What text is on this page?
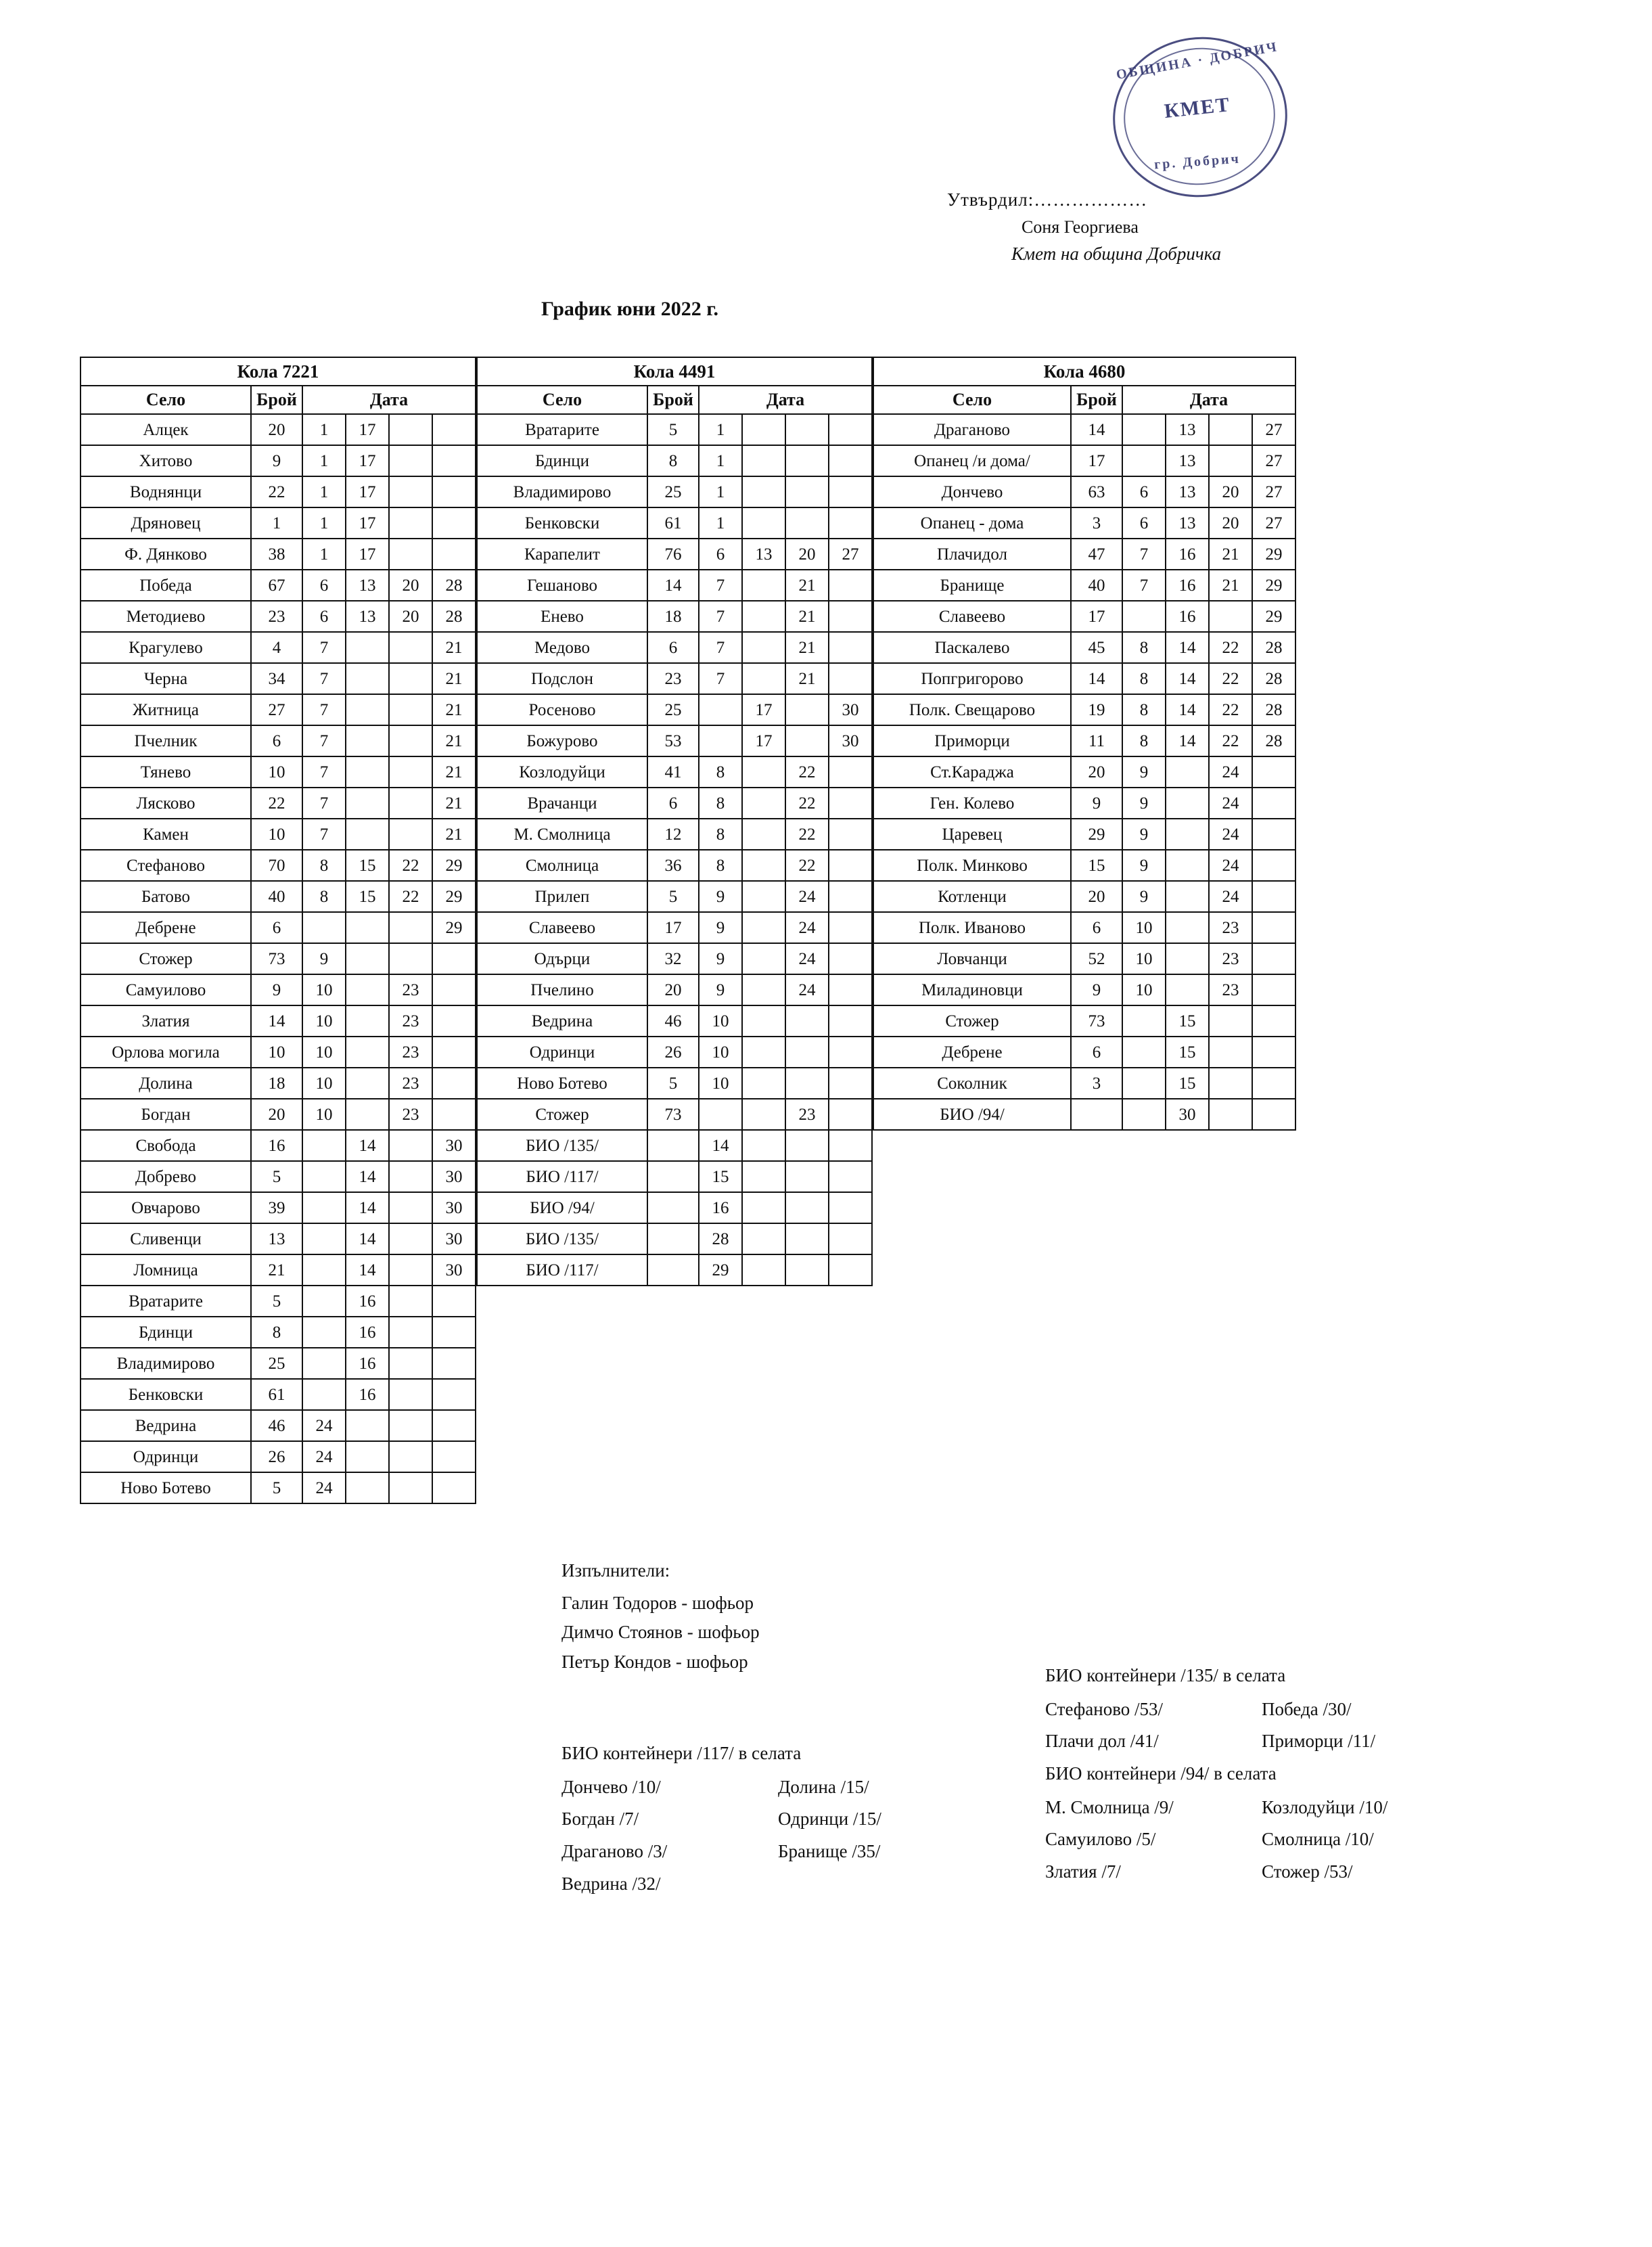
ОБЩИНА · ДОБРИЧ
КМЕТ
гр. Добрич
Утвърдил:………………
Соня Георгиева
Кмет на община Добричка
График юни 2022 г.
Кола 7221					
Село	Брой	Дата			
Алцек	20	1	17		
Хитово	9	1	17		
Воднянци	22	1	17		
Дряновец	1	1	17		
Ф. Дянково	38	1	17		
Победа	67	6	13	20	28
Методиево	23	6	13	20	28
Крагулево	4	7			21
Черна	34	7			21
Житница	27	7			21
Пчелник	6	7			21
Тянево	10	7			21
Лясково	22	7			21
Камен	10	7			21
Стефаново	70	8	15	22	29
Батово	40	8	15	22	29
Дебрене	6				29
Стожер	73	9			
Самуилово	9	10		23	
Златия	14	10		23	
Орлова могила	10	10		23	
Долина	18	10		23	
Богдан	20	10		23	
Свобода	16		14		30
Добрево	5		14		30
Овчарово	39		14		30
Сливенци	13		14		30
Ломница	21		14		30
Вратарите	5		16		
Бдинци	8		16		
Владимирово	25		16		
Бенковски	61		16		
Ведрина	46	24			
Одринци	26	24			
Ново Ботево	5	24			
Кола 4491					
Село	Брой	Дата			
Вратарите	5	1			
Бдинци	8	1			
Владимирово	25	1			
Бенковски	61	1			
Карапелит	76	6	13	20	27
Гешаново	14	7		21	
Енево	18	7		21	
Медово	6	7		21	
Подслон	23	7		21	
Росеново	25		17		30
Божурово	53		17		30
Козлодуйци	41	8		22	
Врачанци	6	8		22	
М. Смолница	12	8		22	
Смолница	36	8		22	
Прилеп	5	9		24	
Славеево	17	9		24	
Одърци	32	9		24	
Пчелино	20	9		24	
Ведрина	46	10			
Одринци	26	10			
Ново Ботево	5	10			
Стожер	73			23	
БИО /135/		14			
БИО /117/		15			
БИО /94/		16			
БИО /135/		28			
БИО /117/		29			
Кола 4680					
Село	Брой	Дата			
Драганово	14		13		27
Опанец /и дома/	17		13		27
Дончево	63	6	13	20	27
Опанец - дома	3	6	13	20	27
Плачидол	47	7	16	21	29
Бранище	40	7	16	21	29
Славеево	17		16		29
Паскалево	45	8	14	22	28
Попгригорово	14	8	14	22	28
Полк. Свещарово	19	8	14	22	28
Приморци	11	8	14	22	28
Ст.Караджа	20	9		24	
Ген. Колево	9	9		24	
Царевец	29	9		24	
Полк. Минково	15	9		24	
Котленци	20	9		24	
Полк. Иваново	6	10		23	
Ловчанци	52	10		23	
Миладиновци	9	10		23	
Стожер	73		15		
Дебрене	6		15		
Соколник	3		15		
БИО /94/			30		
Изпълнители:
Галин Тодоров - шофьор
Димчо Стоянов - шофьор
Петър Кондов - шофьор
БИО контейнери /117/ в селата
Дончево /10/	Долина /15/
Богдан /7/	Одринци /15/
Драганово /3/	Бранище /35/
Ведрина /32/
БИО контейнери /135/ в селата
Стефаново /53/	Победа /30/
Плачи дол /41/	Приморци /11/
БИО контейнери /94/ в селата
М. Смолница /9/	Козлодуйци /10/
Самуилово /5/	Смолница /10/
Златия /7/	Стожер /53/
